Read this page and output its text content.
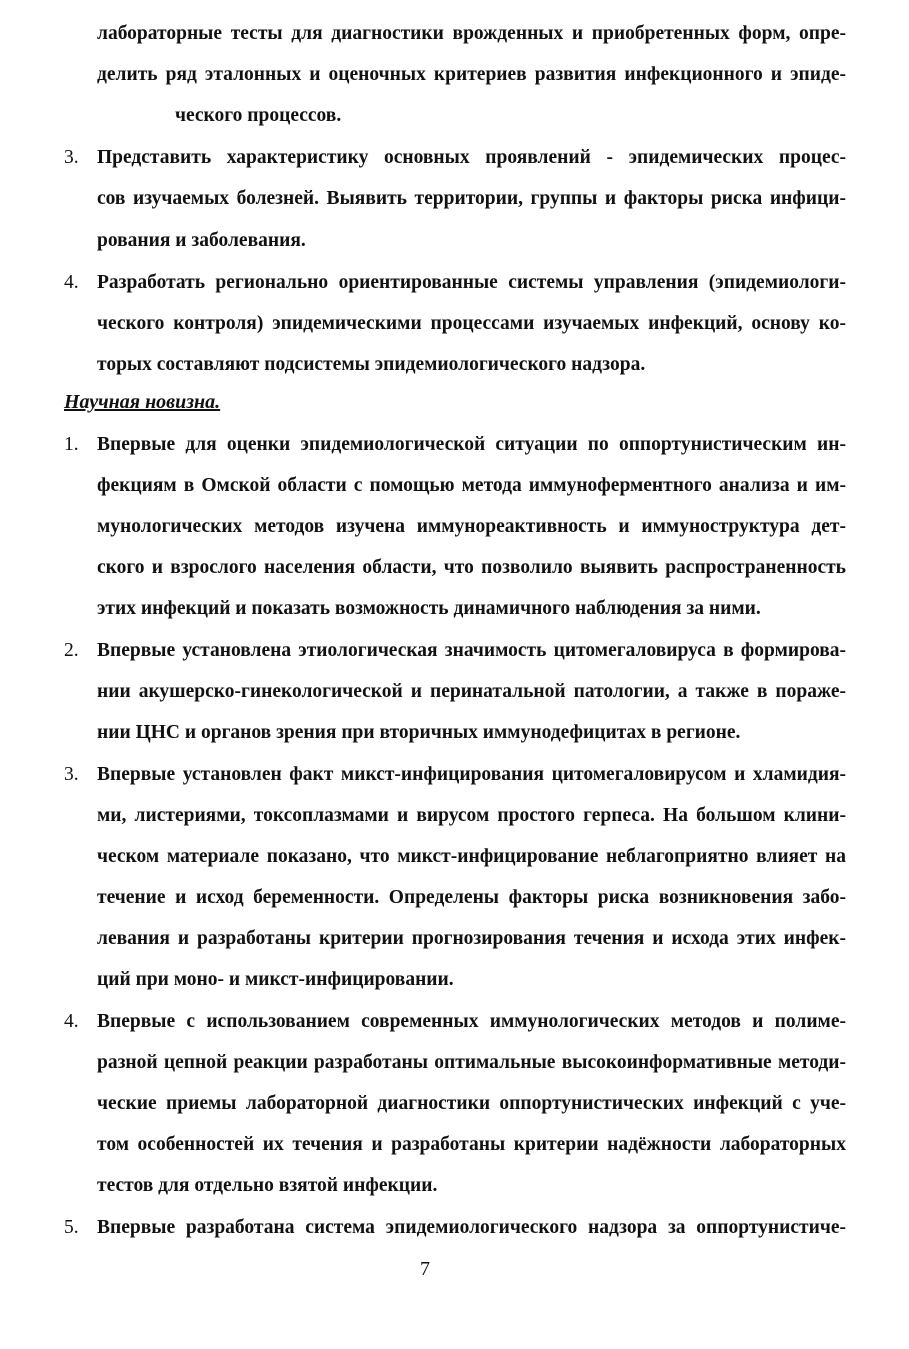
лабораторные тесты для диагностики врожденных и приобретенных форм, опре-
делить ряд эталонных и оценочных критериев развития инфекционного и эпиде-
ческого процессов.
3. Представить характеристику основных проявлений - эпидемических процес-
сов изучаемых болезней. Выявить территории, группы и факторы риска инфици-
рования и заболевания.
4. Разработать регионально ориентированные системы управления (эпидемиологи-
ческого контроля) эпидемическими процессами изучаемых инфекций, основу ко-
торых составляют подсистемы эпидемиологического надзора.
Научная новизна.
1. Впервые для оценки эпидемиологической ситуации по оппортунистическим ин-
фекциям в Омской области с помощью метода иммуноферментного анализа и им-
мунологических методов изучена иммунореактивность и иммуноструктура дет-
ского и взрослого населения области, что позволило выявить распространенность
этих инфекций и показать возможность динамичного наблюдения за ними.
2. Впервые установлена этиологическая значимость цитомегаловируса в формирова-
нии акушерско-гинекологической и перинатальной патологии, а также в пораже-
нии ЦНС и органов зрения при вторичных иммунодефицитах в регионе.
3. Впервые установлен факт микст-инфицирования цитомегаловирусом и хламидия-
ми, листериями, токсоплазмами и вирусом простого герпеса. На большом клини-
ческом материале показано, что микст-инфицирование неблагоприятно влияет на
течение и исход беременности. Определены факторы риска возникновения забо-
левания и разработаны критерии прогнозирования течения и исхода этих инфек-
ций при моно- и микст-инфицировании.
4. Впервые с использованием современных иммунологических методов и полиме-
разной цепной реакции разработаны оптимальные высокоинформативные методи-
ческие приемы лабораторной диагностики оппортунистических инфекций с уче-
том особенностей их течения и разработаны критерии надёжности лабораторных
тестов для отдельно взятой инфекции.
5. Впервые разработана система эпидемиологического надзора за оппортунистиче-
7
